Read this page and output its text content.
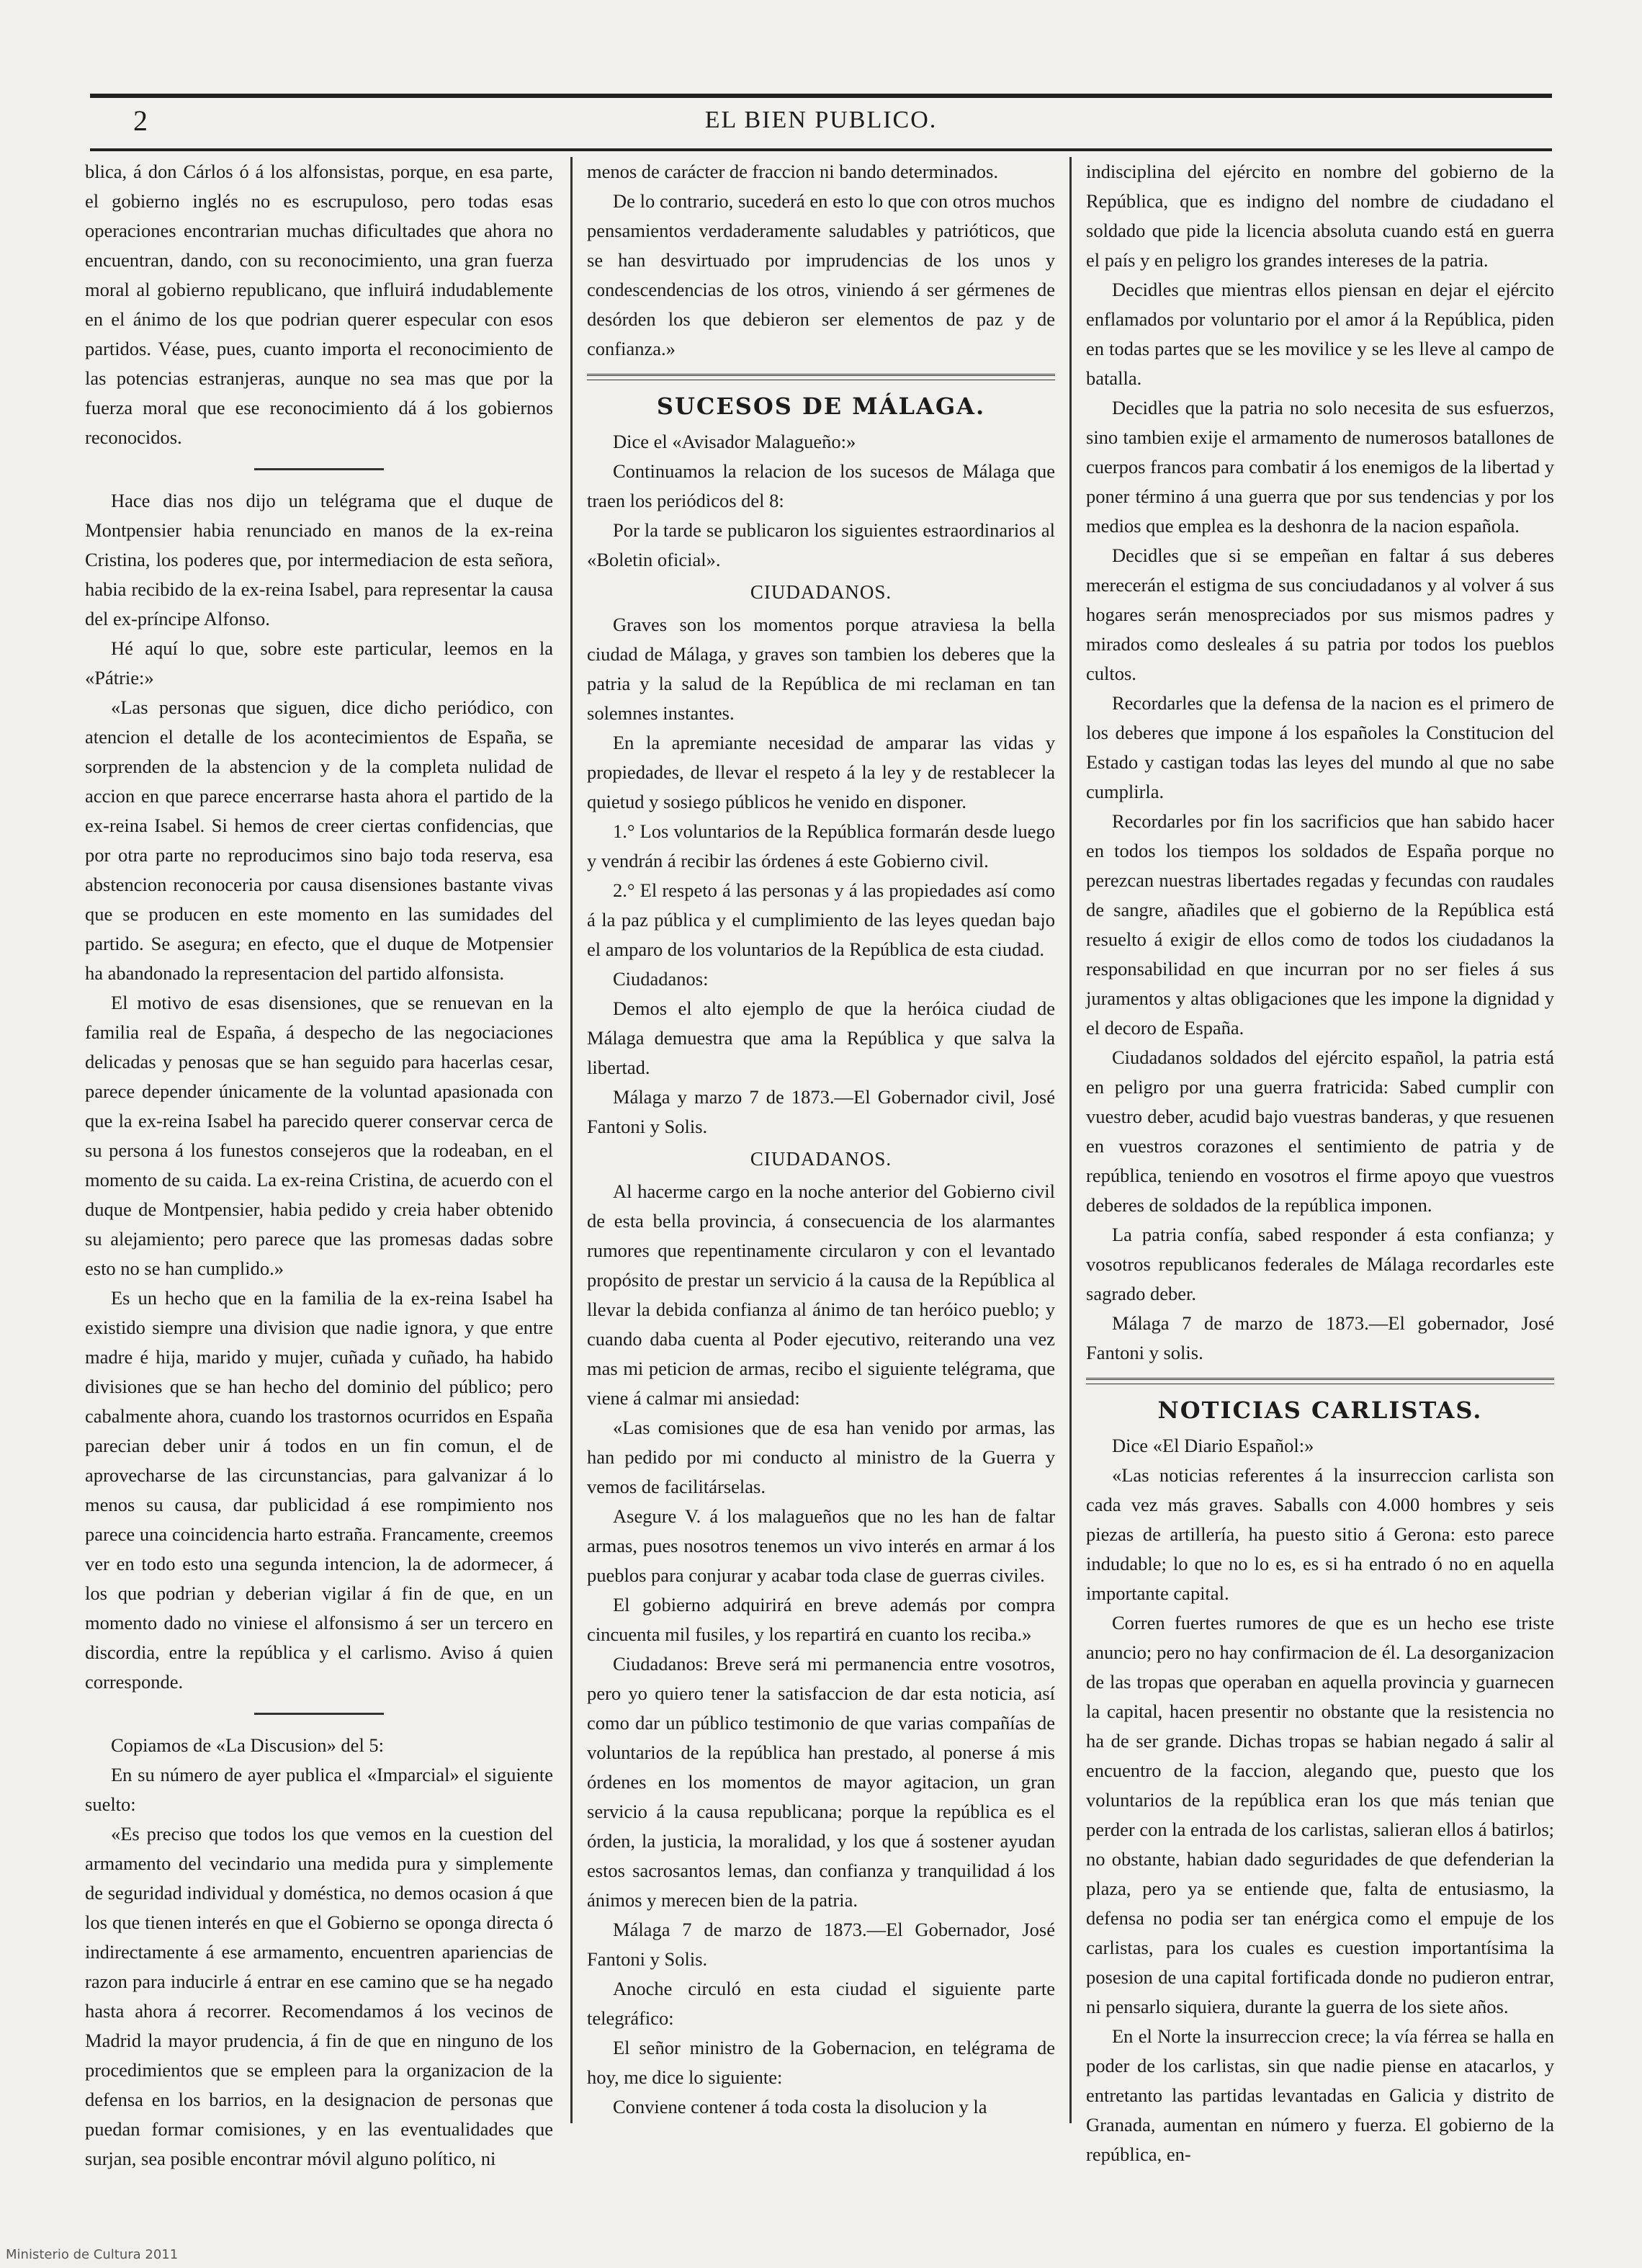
2	EL BIEN PUBLICO.

blica, á don Cárlos ó á los alfonsistas, porque, en esa parte, el gobierno inglés no es escrupuloso, pero todas esas operaciones encontrarian muchas dificultades que ahora no encuentran, dando, con su reconocimiento, una gran fuerza moral al gobierno republicano, que influirá indudablemente en el ánimo de los que podrian querer especular con esos partidos. Véase, pues, cuanto importa el reconocimiento de las potencias estranjeras, aunque no sea mas que por la fuerza moral que ese reconocimiento dá á los gobiernos reconocidos.

Hace dias nos dijo un telégrama que el duque de Montpensier habia renunciado en manos de la ex-reina Cristina, los poderes que, por intermediacion de esta señora, habia recibido de la ex-reina Isabel, para representar la causa del ex-príncipe Alfonso.

Hé aquí lo que, sobre este particular, leemos en la «Pátrie:»

«Las personas que siguen, dice dicho periódico, con atencion el detalle de los acontecimientos de España, se sorprenden de la abstencion y de la completa nulidad de accion en que parece encerrarse hasta ahora el partido de la ex-reina Isabel. Si hemos de creer ciertas confidencias, que por otra parte no reproducimos sino bajo toda reserva, esa abstencion reconoceria por causa disensiones bastante vivas que se producen en este momento en las sumidades del partido. Se asegura; en efecto, que el duque de Motpensier ha abandonado la representacion del partido alfonsista.

El motivo de esas disensiones, que se renuevan en la familia real de España, á despecho de las negociaciones delicadas y penosas que se han seguido para hacerlas cesar, parece depender únicamente de la voluntad apasionada con que la ex-reina Isabel ha parecido querer conservar cerca de su persona á los funestos consejeros que la rodeaban, en el momento de su caida. La ex-reina Cristina, de acuerdo con el duque de Montpensier, habia pedido y creia haber obtenido su alejamiento; pero parece que las promesas dadas sobre esto no se han cumplido.»

Es un hecho que en la familia de la ex-reina Isabel ha existido siempre una division que nadie ignora, y que entre madre é hija, marido y mujer, cuñada y cuñado, ha habido divisiones que se han hecho del dominio del público; pero cabalmente ahora, cuando los trastornos ocurridos en España parecian deber unir á todos en un fin comun, el de aprovecharse de las circunstancias, para galvanizar á lo menos su causa, dar publicidad á ese rompimiento nos parece una coincidencia harto estraña. Francamente, creemos ver en todo esto una segunda intencion, la de adormecer, á los que podrian y deberian vigilar á fin de que, en un momento dado no viniese el alfonsismo á ser un tercero en discordia, entre la república y el carlismo. Aviso á quien corresponde.

Copiamos de «La Discusion» del 5:

En su número de ayer publica el «Imparcial» el siguiente suelto:

«Es preciso que todos los que vemos en la cuestion del armamento del vecindario una medida pura y simplemente de seguridad individual y doméstica, no demos ocasion á que los que tienen interés en que el Gobierno se oponga directa ó indirectamente á ese armamento, encuentren apariencias de razon para inducirle á entrar en ese camino que se ha negado hasta ahora á recorrer. Recomendamos á los vecinos de Madrid la mayor prudencia, á fin de que en ninguno de los procedimientos que se empleen para la organizacion de la defensa en los barrios, en la designacion de personas que puedan formar comisiones, y en las eventualidades que surjan, sea posible encontrar móvil alguno político, ni

menos de carácter de fraccion ni bando determinados.

De lo contrario, sucederá en esto lo que con otros muchos pensamientos verdaderamente saludables y patrióticos, que se han desvirtuado por imprudencias de los unos y condescendencias de los otros, viniendo á ser gérmenes de desórden los que debieron ser elementos de paz y de confianza.»

SUCESOS DE MÁLAGA.

Dice el «Avisador Malagueño:»

Continuamos la relacion de los sucesos de Málaga que traen los periódicos del 8:

Por la tarde se publicaron los siguientes estraordinarios al «Boletin oficial».

CIUDADANOS.

Graves son los momentos porque atraviesa la bella ciudad de Málaga, y graves son tambien los deberes que la patria y la salud de la República de mi reclaman en tan solemnes instantes.

En la apremiante necesidad de amparar las vidas y propiedades, de llevar el respeto á la ley y de restablecer la quietud y sosiego públicos he venido en disponer.

1.° Los voluntarios de la República formarán desde luego y vendrán á recibir las órdenes á este Gobierno civil.

2.° El respeto á las personas y á las propiedades así como á la paz pública y el cumplimiento de las leyes quedan bajo el amparo de los voluntarios de la República de esta ciudad.

Ciudadanos:

Demos el alto ejemplo de que la heróica ciudad de Málaga demuestra que ama la República y que salva la libertad.

Málaga y marzo 7 de 1873.—El Gobernador civil, José Fantoni y Solis.

CIUDADANOS.

Al hacerme cargo en la noche anterior del Gobierno civil de esta bella provincia, á consecuencia de los alarmantes rumores que repentinamente circularon y con el levantado propósito de prestar un servicio á la causa de la República al llevar la debida confianza al ánimo de tan heróico pueblo; y cuando daba cuenta al Poder ejecutivo, reiterando una vez mas mi peticion de armas, recibo el siguiente telégrama, que viene á calmar mi ansiedad:

«Las comisiones que de esa han venido por armas, las han pedido por mi conducto al ministro de la Guerra y vemos de facilitárselas.

Asegure V. á los malagueños que no les han de faltar armas, pues nosotros tenemos un vivo interés en armar á los pueblos para conjurar y acabar toda clase de guerras civiles.

El gobierno adquirirá en breve además por compra cincuenta mil fusiles, y los repartirá en cuanto los reciba.»

Ciudadanos: Breve será mi permanencia entre vosotros, pero yo quiero tener la satisfaccion de dar esta noticia, así como dar un público testimonio de que varias compañías de voluntarios de la república han prestado, al ponerse á mis órdenes en los momentos de mayor agitacion, un gran servicio á la causa republicana; porque la república es el órden, la justicia, la moralidad, y los que á sostener ayudan estos sacrosantos lemas, dan confianza y tranquilidad á los ánimos y merecen bien de la patria.

Málaga 7 de marzo de 1873.—El Gobernador, José Fantoni y Solis.

Anoche circuló en esta ciudad el siguiente parte telegráfico:

El señor ministro de la Gobernacion, en telégrama de hoy, me dice lo siguiente:

Conviene contener á toda costa la disolucion y la

indisciplina del ejército en nombre del gobierno de la República, que es indigno del nombre de ciudadano el soldado que pide la licencia absoluta cuando está en guerra el país y en peligro los grandes intereses de la patria.

Decidles que mientras ellos piensan en dejar el ejército enflamados por voluntario por el amor á la República, piden en todas partes que se les movilice y se les lleve al campo de batalla.

Decidles que la patria no solo necesita de sus esfuerzos, sino tambien exije el armamento de numerosos batallones de cuerpos francos para combatir á los enemigos de la libertad y poner término á una guerra que por sus tendencias y por los medios que emplea es la deshonra de la nacion española.

Decidles que si se empeñan en faltar á sus deberes merecerán el estigma de sus conciudadanos y al volver á sus hogares serán menospreciados por sus mismos padres y mirados como desleales á su patria por todos los pueblos cultos.

Recordarles que la defensa de la nacion es el primero de los deberes que impone á los españoles la Constitucion del Estado y castigan todas las leyes del mundo al que no sabe cumplirla.

Recordarles por fin los sacrificios que han sabido hacer en todos los tiempos los soldados de España porque no perezcan nuestras libertades regadas y fecundas con raudales de sangre, añadiles que el gobierno de la República está resuelto á exigir de ellos como de todos los ciudadanos la responsabilidad en que incurran por no ser fieles á sus juramentos y altas obligaciones que les impone la dignidad y el decoro de España.

Ciudadanos soldados del ejército español, la patria está en peligro por una guerra fratricida: Sabed cumplir con vuestro deber, acudid bajo vuestras banderas, y que resuenen en vuestros corazones el sentimiento de patria y de república, teniendo en vosotros el firme apoyo que vuestros deberes de soldados de la república imponen.

La patria confía, sabed responder á esta confianza; y vosotros republicanos federales de Málaga recordarles este sagrado deber.

Málaga 7 de marzo de 1873.—El gobernador, José Fantoni y solis.

NOTICIAS CARLISTAS.

Dice «El Diario Español:»

«Las noticias referentes á la insurreccion carlista son cada vez más graves. Saballs con 4.000 hombres y seis piezas de artillería, ha puesto sitio á Gerona: esto parece indudable; lo que no lo es, es si ha entrado ó no en aquella importante capital.

Corren fuertes rumores de que es un hecho ese triste anuncio; pero no hay confirmacion de él. La desorganizacion de las tropas que operaban en aquella provincia y guarnecen la capital, hacen presentir no obstante que la resistencia no ha de ser grande. Dichas tropas se habian negado á salir al encuentro de la faccion, alegando que, puesto que los voluntarios de la república eran los que más tenian que perder con la entrada de los carlistas, salieran ellos á batirlos; no obstante, habian dado seguridades de que defenderian la plaza, pero ya se entiende que, falta de entusiasmo, la defensa no podia ser tan enérgica como el empuje de los carlistas, para los cuales es cuestion importantísima la posesion de una capital fortificada donde no pudieron entrar, ni pensarlo siquiera, durante la guerra de los siete años.

En el Norte la insurreccion crece; la vía férrea se halla en poder de los carlistas, sin que nadie piense en atacarlos, y entretanto las partidas levantadas en Galicia y distrito de Granada, aumentan en número y fuerza. El gobierno de la república, en-

Ministerio de Cultura 2011
